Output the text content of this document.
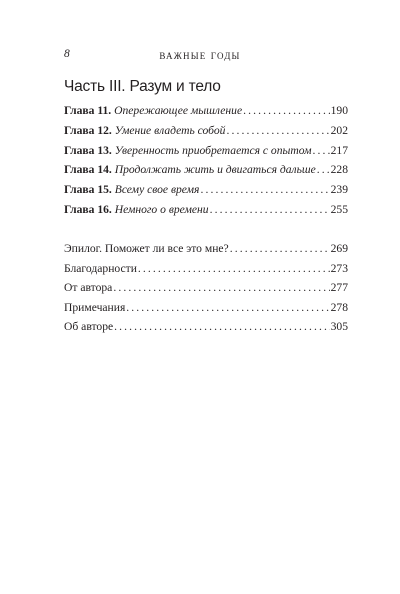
8	важные годы
Часть III. Разум и тело
Глава 11. Опережающее мышление . . .	190
Глава 12. Умение владеть собой . . .	202
Глава 13. Уверенность приобретается с опытом . . . 217
Глава 14. Продолжать жить и двигаться дальше . . . 228
Глава 15. Всему свое время . . .	239
Глава 16. Немного о времени . . .	255
Эпилог. Поможет ли все это мне? . . .	269
Благодарности . . .	273
От автора . . .	277
Примечания . . .	278
Об авторе . . .	305
